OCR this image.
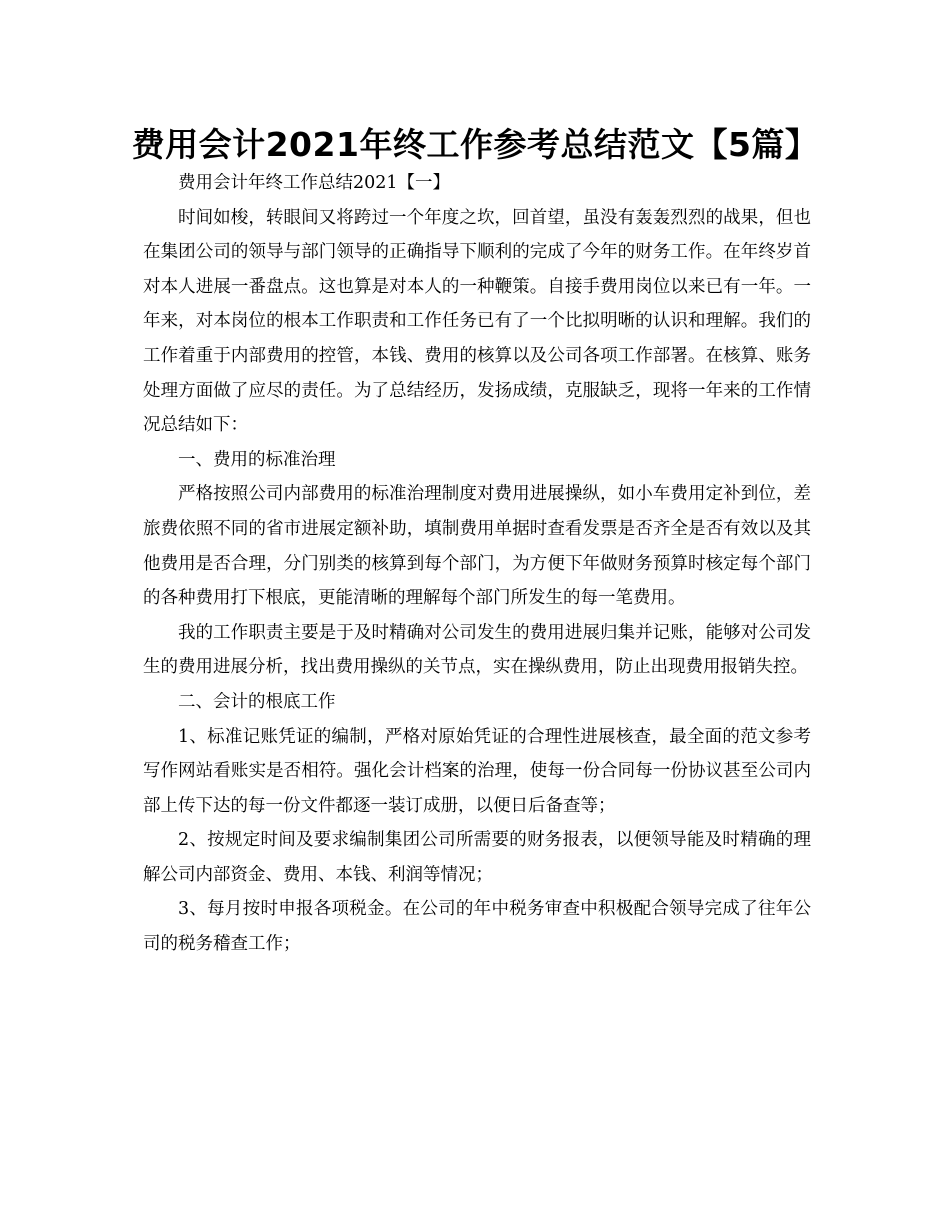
费用会计2021年终工作参考总结范文【5篇】

费用会计年终工作总结2021【一】

时间如梭，转眼间又将跨过一个年度之坎，回首望，虽没有轰轰烈烈的战果，但也在集团公司的领导与部门领导的正确指导下顺利的完成了今年的财务工作。在年终岁首对本人进展一番盘点。这也算是对本人的一种鞭策。自接手费用岗位以来已有一年。一年来，对本岗位的根本工作职责和工作任务已有了一个比拟明晰的认识和理解。我们的工作着重于内部费用的控管，本钱、费用的核算以及公司各项工作部署。在核算、账务处理方面做了应尽的责任。为了总结经历，发扬成绩，克服缺乏，现将一年来的工作情况总结如下：

一、费用的标准治理

严格按照公司内部费用的标准治理制度对费用进展操纵，如小车费用定补到位，差旅费依照不同的省市进展定额补助，填制费用单据时查看发票是否齐全是否有效以及其他费用是否合理，分门别类的核算到每个部门，为方便下年做财务预算时核定每个部门的各种费用打下根底，更能清晰的理解每个部门所发生的每一笔费用。

我的工作职责主要是于及时精确对公司发生的费用进展归集并记账，能够对公司发生的费用进展分析，找出费用操纵的关节点，实在操纵费用，防止出现费用报销失控。

二、会计的根底工作

1、标准记账凭证的编制，严格对原始凭证的合理性进展核查，最全面的范文参考写作网站看账实是否相符。强化会计档案的治理，使每一份合同每一份协议甚至公司内部上传下达的每一份文件都逐一装订成册，以便日后备查等；

2、按规定时间及要求编制集团公司所需要的财务报表，以便领导能及时精确的理解公司内部资金、费用、本钱、利润等情况；

3、每月按时申报各项税金。在公司的年中税务审查中积极配合领导完成了往年公司的税务稽查工作；
